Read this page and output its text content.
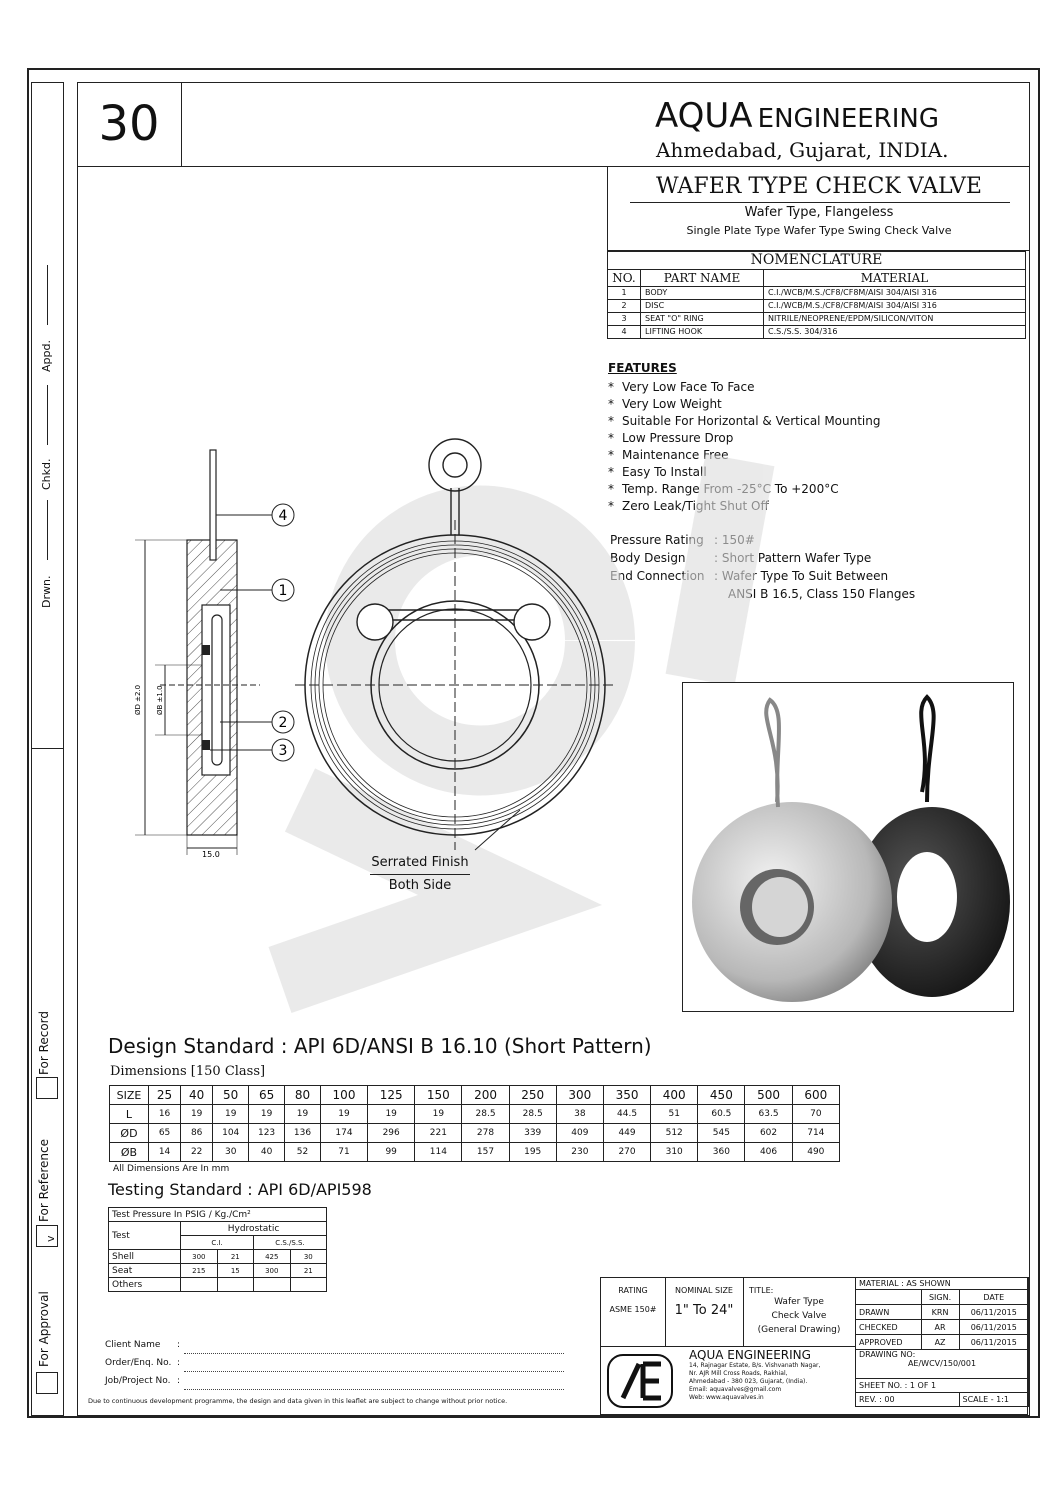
Appd.
Chkd.
Drwn.
For Record
For Reference
v
For Approval
30	AQUA ENGINEERING
Ahmedabad, Gujarat, INDIA.
WAFER TYPE CHECK VALVE
Wafer Type, Flangeless
Single Plate Type Wafer Type Swing Check Valve
NOMENCLATURE
NO.	PART NAME	MATERIAL
1	BODY	C.I./WCB/M.S./CF8/CF8M/AISI 304/AISI 316
2	DISC	C.I./WCB/M.S./CF8/CF8M/AISI 304/AISI 316
3	SEAT "O" RING	NITRILE/NEOPRENE/EPDM/SILICON/VITON
4	LIFTING HOOK	C.S./S.S. 304/316
FEATURES
* Very Low Face To Face
* Very Low Weight
* Suitable For Horizontal & Vertical Mounting
* Low Pressure Drop
* Maintenance Free
* Easy To Install
* Temp. Range From -25°C To +200°C
* Zero Leak/Tight Shut Off
Pressure Rating : 150#
Body Design : Short Pattern Wafer Type
End Connection : Wafer Type To Suit Between
ANSI B 16.5, Class 150 Flanges
ØD ±2.0 ØB ±1.0
15.0
4
1
2
3
Serrated Finish
Both Side
Design Standard : API 6D/ANSI B 16.10 (Short Pattern)
Dimensions [150 Class]
SIZE	25	40	50	65	80	100	125	150	200	250	300	350	400	450	500	600
L	16	19	19	19	19	19	19	19	28.5	28.5	38	44.5	51	60.5	63.5	70
ØD	65	86	104	123	136	174	296	221	278	339	409	449	512	545	602	714
ØB	14	22	30	40	52	71	99	114	157	195	230	270	310	360	406	490
All Dimensions Are In mm
Testing Standard : API 6D/API598
Test Pressure In PSIG / Kg./Cm²				
Test	Hydrostatic			
	C.I.		C.S./S.S.	
Shell	300	21	425	30
Seat	215	15	300	21
Others				
Client Name	:
Order/Enq. No. :
Job/Project No. :
Due to continuous development programme, the design and data given in this leaflet are subject to change without prior notice.
RATING
ASME 150#
NOMINAL SIZE
1" To 24"
TITLE:
Wafer Type
Check Valve
(General Drawing)
MATERIAL : AS SHOWN		
	SIGN.	DATE
DRAWN	KRN	06/11/2015
CHECKED	AR	06/11/2015
APPROVED	AZ	06/11/2015

DRAWING NO:
AE/WCV/150/001		

SHEET NO. : 1 OF 1		
REV. : 00		SCALE - 1:1
AQUA ENGINEERING
14, Rajnagar Estate, B/s. Vishvanath Nagar,
Nr. AJR Mill Cross Roads, Rakhial,
Ahmedabad - 380 023, Gujarat, (India).
Email: aquavalves@gmail.com
Web: www.aquavalves.in
